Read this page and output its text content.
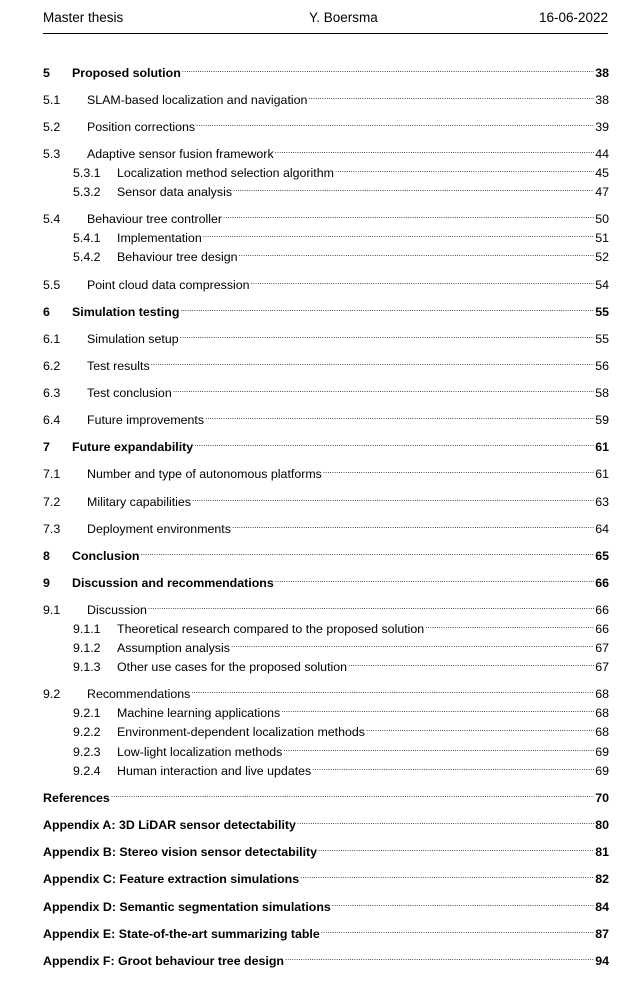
Master thesis	Y. Boersma	16-06-2022
5	Proposed solution .....	38
5.1	SLAM-based localization and navigation .....	38
5.2	Position corrections .....	39
5.3	Adaptive sensor fusion framework .....	44
5.3.1	Localization method selection algorithm .....	45
5.3.2	Sensor data analysis .....	47
5.4	Behaviour tree controller .....	50
5.4.1	Implementation .....	51
5.4.2	Behaviour tree design .....	52
5.5	Point cloud data compression .....	54
6	Simulation testing .....	55
6.1	Simulation setup .....	55
6.2	Test results .....	56
6.3	Test conclusion .....	58
6.4	Future improvements .....	59
7	Future expandability .....	61
7.1	Number and type of autonomous platforms .....	61
7.2	Military capabilities .....	63
7.3	Deployment environments .....	64
8	Conclusion .....	65
9	Discussion and recommendations .....	66
9.1	Discussion .....	66
9.1.1	Theoretical research compared to the proposed solution .....	66
9.1.2	Assumption analysis .....	67
9.1.3	Other use cases for the proposed solution .....	67
9.2	Recommendations .....	68
9.2.1	Machine learning applications .....	68
9.2.2	Environment-dependent localization methods .....	68
9.2.3	Low-light localization methods .....	69
9.2.4	Human interaction and live updates .....	69
References .....	70
Appendix A: 3D LiDAR sensor detectability .....	80
Appendix B: Stereo vision sensor detectability .....	81
Appendix C: Feature extraction simulations .....	82
Appendix D: Semantic segmentation simulations .....	84
Appendix E: State-of-the-art summarizing table .....	87
Appendix F: Groot behaviour tree design .....	94
